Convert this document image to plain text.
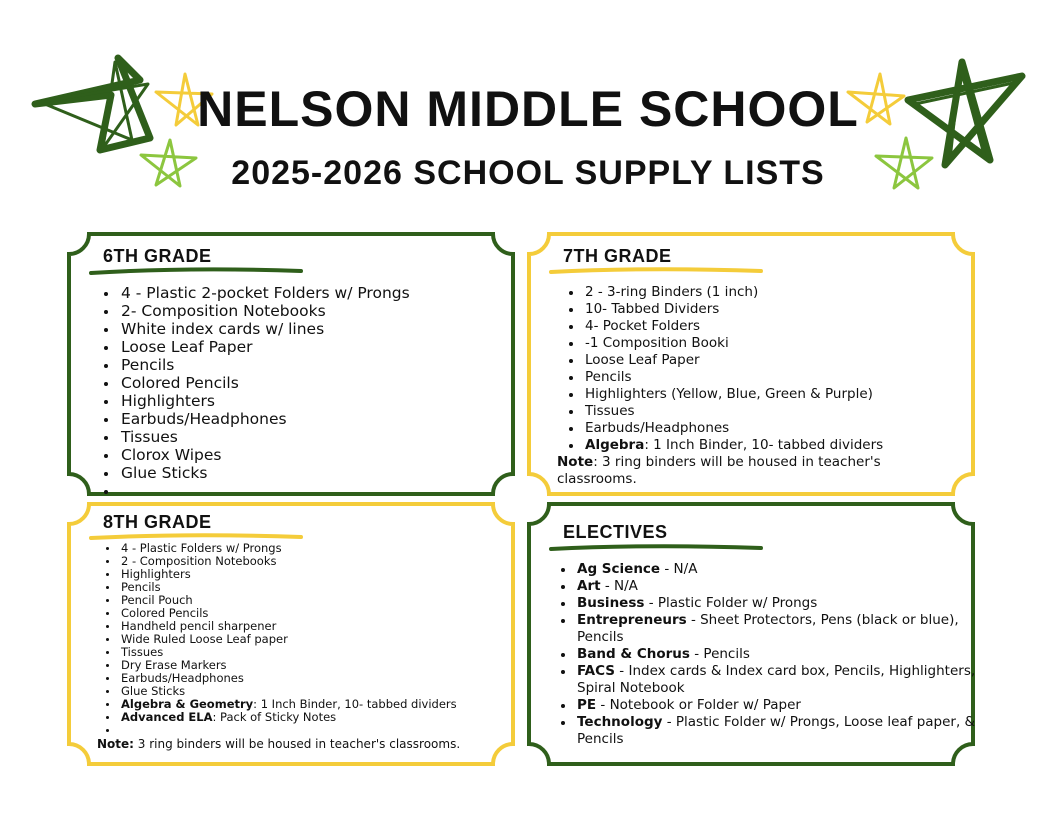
NELSON MIDDLE SCHOOL
2025-2026 SCHOOL SUPPLY LISTS
6TH GRADE
• 4 - Plastic 2-pocket Folders w/ Prongs
• 2- Composition Notebooks
• White index cards w/ lines
• Loose Leaf Paper
• Pencils
• Colored Pencils
• Highlighters
• Earbuds/Headphones
• Tissues
• Clorox Wipes
• Glue Sticks
•
7TH GRADE
• 2 - 3-ring Binders (1 inch)
• 10- Tabbed Dividers
• 4- Pocket Folders
• -1 Composition Booki
• Loose Leaf Paper
• Pencils
• Highlighters (Yellow, Blue, Green & Purple)
• Tissues
• Earbuds/Headphones
• Algebra: 1 Inch Binder, 10- tabbed dividers

Note: 3 ring binders will be housed in teacher's classrooms.

8TH GRADE
• 4 - Plastic Folders w/ Prongs
• 2 - Composition Notebooks
• Highlighters
• Pencils
• Pencil Pouch
• Colored Pencils
• Handheld pencil sharpener
• Wide Ruled Loose Leaf paper
• Tissues
• Dry Erase Markers
• Earbuds/Headphones
• Glue Sticks
• Algebra & Geometry: 1 Inch Binder, 10- tabbed dividers
• Advanced ELA: Pack of Sticky Notes
•

Note: 3 ring binders will be housed in teacher's classrooms.

ELECTIVES
• Ag Science - N/A
• Art - N/A
• Business - Plastic Folder w/ Prongs
• Entrepreneurs - Sheet Protectors, Pens (black or blue), Pencils
• Band & Chorus - Pencils
• FACS - Index cards & Index card box, Pencils, Highlighters, Spiral Notebook
• PE - Notebook or Folder w/ Paper
• Technology - Plastic Folder w/ Prongs, Loose leaf paper, & Pencils
